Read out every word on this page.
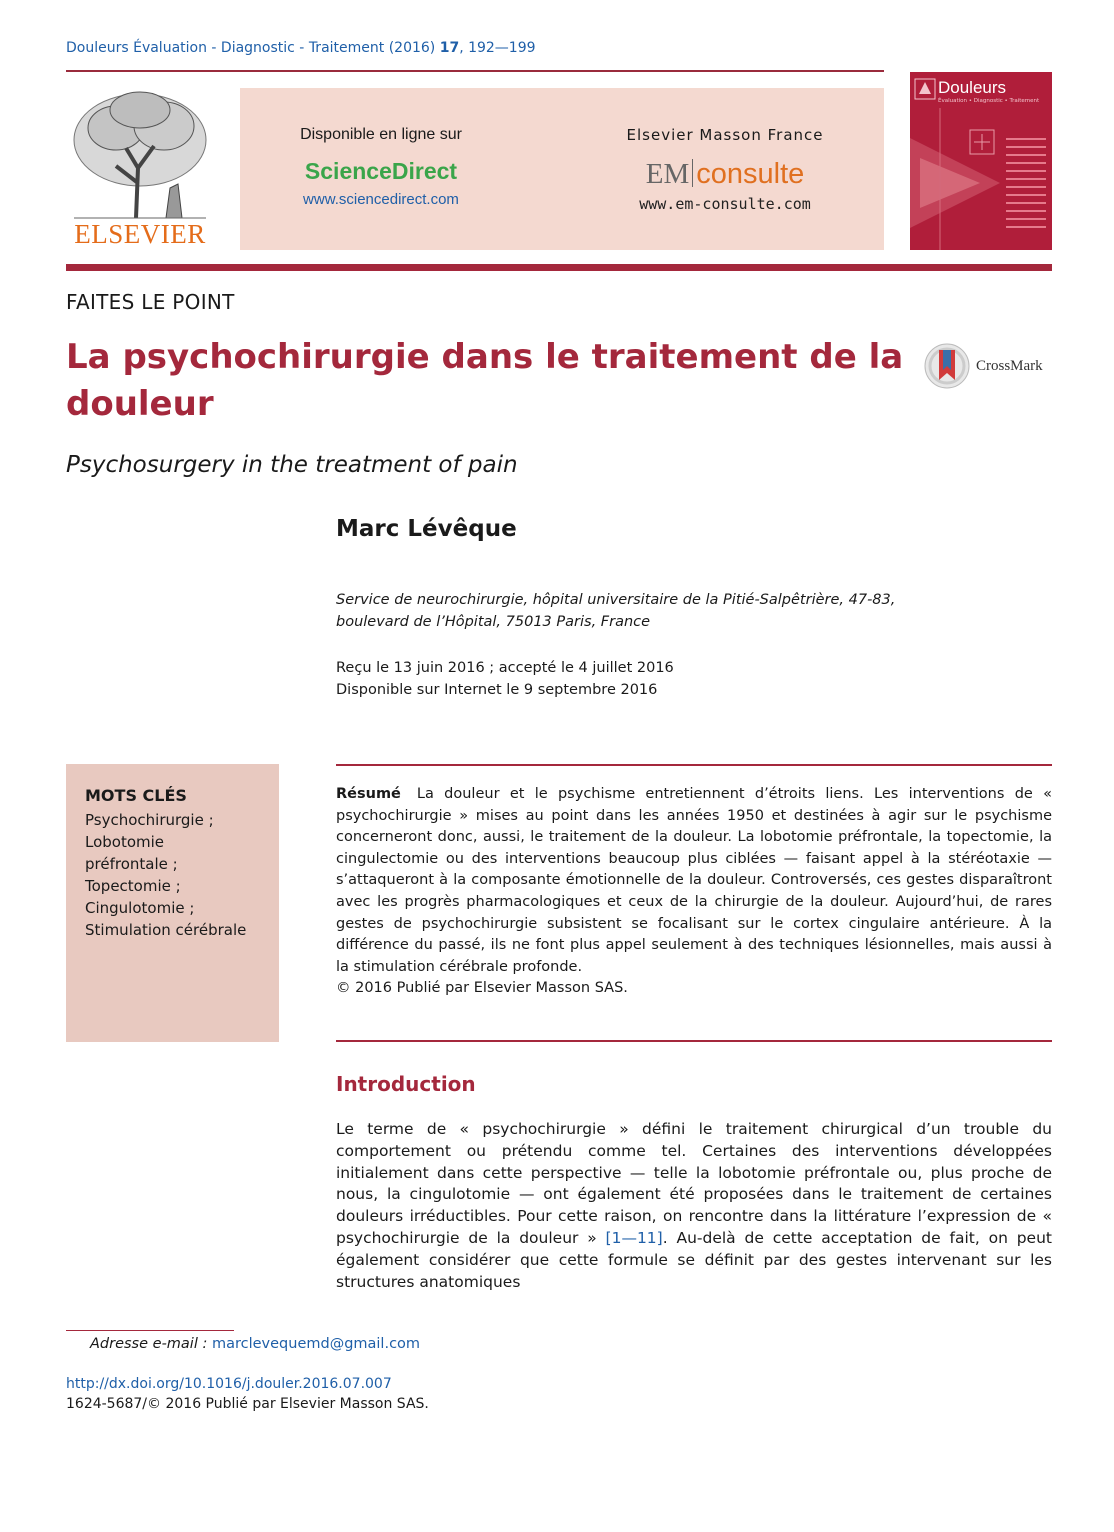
Douleurs Évaluation - Diagnostic - Traitement (2016) 17, 192—199
ELSEVIER
Disponible en ligne sur
ScienceDirect
www.sciencedirect.com
Elsevier Masson France
EM consulte
www.em-consulte.com
Douleurs
Évaluation • Diagnostic • Traitement
FAITES LE POINT
La psychochirurgie dans le traitement de la douleur
CrossMark
Psychosurgery in the treatment of pain
Marc Lévêque
Service de neurochirurgie, hôpital universitaire de la Pitié-Salpêtrière, 47-83,
boulevard de l’Hôpital, 75013 Paris, France
Reçu le 13 juin 2016 ; accepté le 4 juillet 2016
Disponible sur Internet le 9 septembre 2016
MOTS CLÉS
Psychochirurgie ;
Lobotomie
préfrontale ;
Topectomie ;
Cingulotomie ;
Stimulation cérébrale
Résumé La douleur et le psychisme entretiennent d’étroits liens. Les interventions de « psychochirurgie » mises au point dans les années 1950 et destinées à agir sur le psychisme concerneront donc, aussi, le traitement de la douleur. La lobotomie préfrontale, la topectomie, la cingulectomie ou des interventions beaucoup plus ciblées — faisant appel à la stéréotaxie — s’attaqueront à la composante émotionnelle de la douleur. Controversés, ces gestes disparaîtront avec les progrès pharmacologiques et ceux de la chirurgie de la douleur. Aujourd’hui, de rares gestes de psychochirurgie subsistent se focalisant sur le cortex cingulaire antérieure. À la différence du passé, ils ne font plus appel seulement à des techniques lésionnelles, mais aussi à la stimulation cérébrale profonde.
© 2016 Publié par Elsevier Masson SAS.
Introduction
Le terme de « psychochirurgie » défini le traitement chirurgical d’un trouble du comportement ou prétendu comme tel. Certaines des interventions développées initialement dans cette perspective — telle la lobotomie préfrontale ou, plus proche de nous, la cingulotomie — ont également été proposées dans le traitement de certaines douleurs irréductibles. Pour cette raison, on rencontre dans la littérature l’expression de « psychochirurgie de la douleur » [1—11]. Au-delà de cette acceptation de fait, on peut également considérer que cette formule se définit par des gestes intervenant sur les structures anatomiques
Adresse e-mail : marclevequemd@gmail.com
http://dx.doi.org/10.1016/j.douler.2016.07.007
1624-5687/© 2016 Publié par Elsevier Masson SAS.
